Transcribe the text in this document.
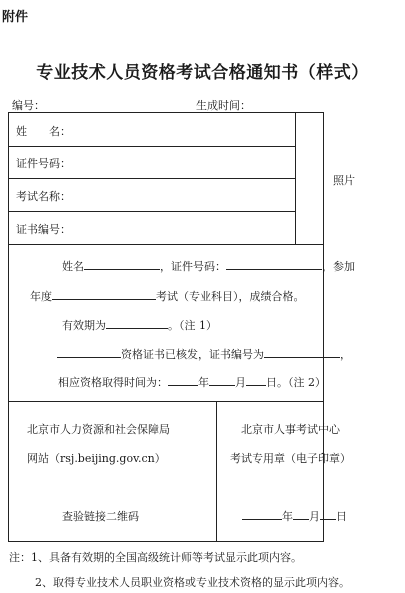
附件
专业技术人员资格考试合格通知书（样式）
编号：	生成时间：
姓　　名：
证件号码：
考试名称：
证书编号：
照片
姓名	，证件号码：	，参加
年度	考试（专业科目），成绩合格。
有效期为	。（注 1）
资格证书已核发，证书编号为	，
相应资格取得时间为：	年 月 日。（注 2）
北京市人力资源和社会保障局
网站（rsj.beijing.gov.cn）
查验链接二维码
北京市人事考试中心
考试专用章（电子印章）
年 月 日
注：1、具备有效期的全国高级统计师等考试显示此项内容。
2、取得专业技术人员职业资格或专业技术资格的显示此项内容。
